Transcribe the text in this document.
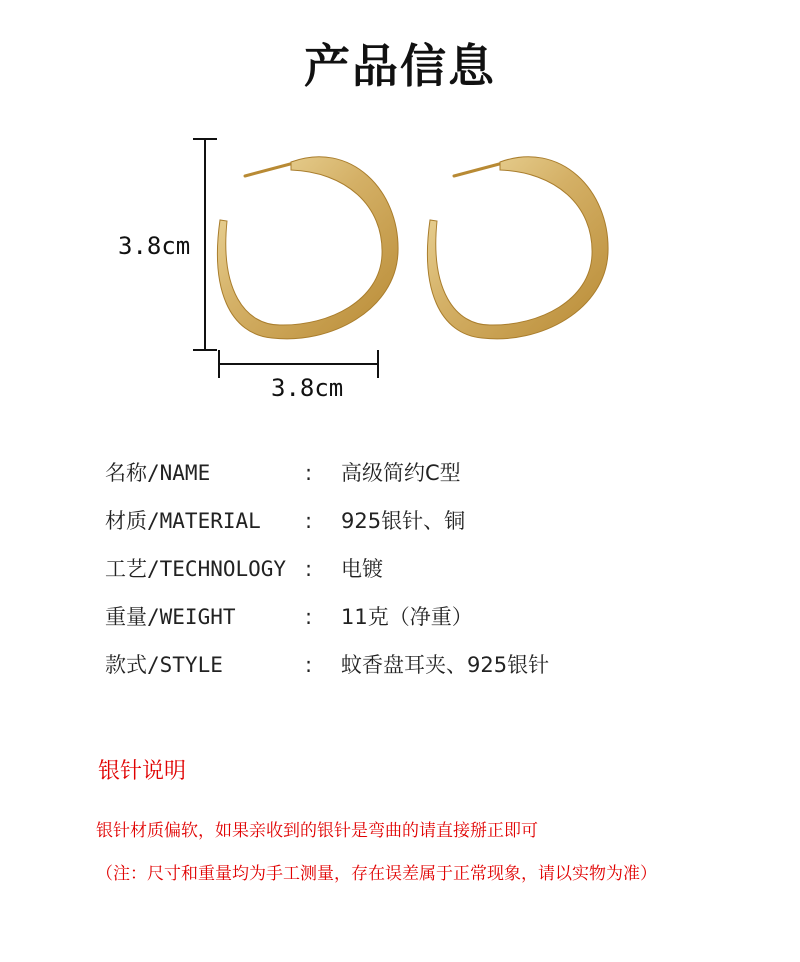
产品信息
3.8cm
3.8cm
名称/NAME	: 高级简约C型
材质/MATERIAL : 925银针、铜
工艺/TECHNOLOGY : 电镀
重量/WEIGHT	: 11克（净重）
款式/STYLE	: 蚊香盘耳夹、925银针
银针说明
银针材质偏软，如果亲收到的银针是弯曲的请直接掰正即可
（注：尺寸和重量均为手工测量，存在误差属于正常现象，请以实物为准）
